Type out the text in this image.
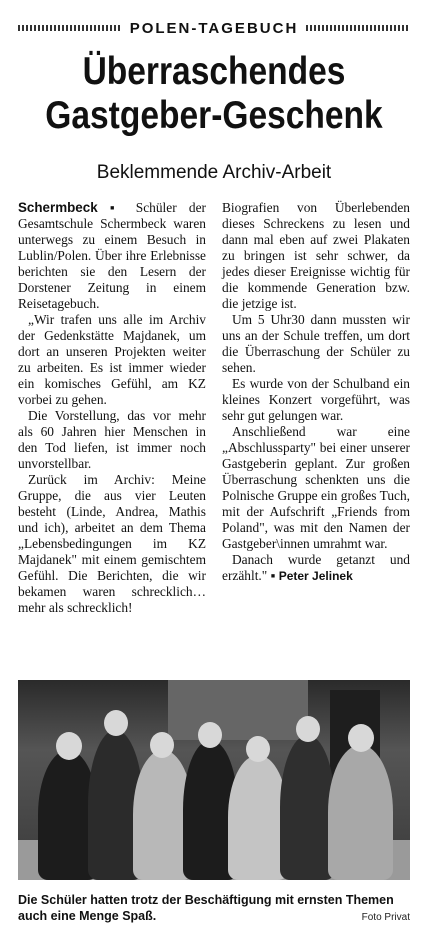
POLEN-TAGEBUCH
Überraschendes
Gastgeber-Geschenk
Beklemmende Archiv-Arbeit

Schermbeck ▪ Schüler der Gesamtschule Schermbeck waren unterwegs zu einem Besuch in Lublin/Polen. Über ihre Erlebnisse berichten sie den Lesern der Dorstener Zeitung in einem Reisetagebuch.

„Wir trafen uns alle im Archiv der Gedenkstätte Majdanek, um dort an unseren Projekten weiter zu arbeiten. Es ist immer wieder ein komisches Gefühl, am KZ vorbei zu gehen.

Die Vorstellung, das vor mehr als 60 Jahren hier Menschen in den Tod liefen, ist immer noch unvorstellbar.

Zurück im Archiv: Meine Gruppe, die aus vier Leuten besteht (Linde, Andrea, Mathis und ich), arbeitet an dem Thema „Lebensbedingungen im KZ Majdanek" mit einem gemischtem Gefühl. Die Berichten, die wir bekamen waren schrecklich…mehr als schrecklich!

Biografien von Überlebenden dieses Schreckens zu lesen und dann mal eben auf zwei Plakaten zu bringen ist sehr schwer, da jedes dieser Ereignisse wichtig für die kommende Generation bzw. die jetzige ist.

Um 5 Uhr30 dann mussten wir uns an der Schule treffen, um dort die Überraschung der Schüler zu sehen.

Es wurde von der Schulband ein kleines Konzert vorgeführt, was sehr gut gelungen war.

Anschließend war eine „Abschlussparty" bei einer unserer Gastgeberin geplant. Zur großen Überraschung schenkten uns die Polnische Gruppe ein großes Tuch, mit der Aufschrift „Friends from Poland", was mit den Namen der Gastgeber\innen umrahmt war.

Danach wurde getanzt und erzählt." ▪ Peter Jelinek

Die Schüler hatten trotz der Beschäftigung mit ernsten Themen auch eine Menge Spaß.	Foto Privat
